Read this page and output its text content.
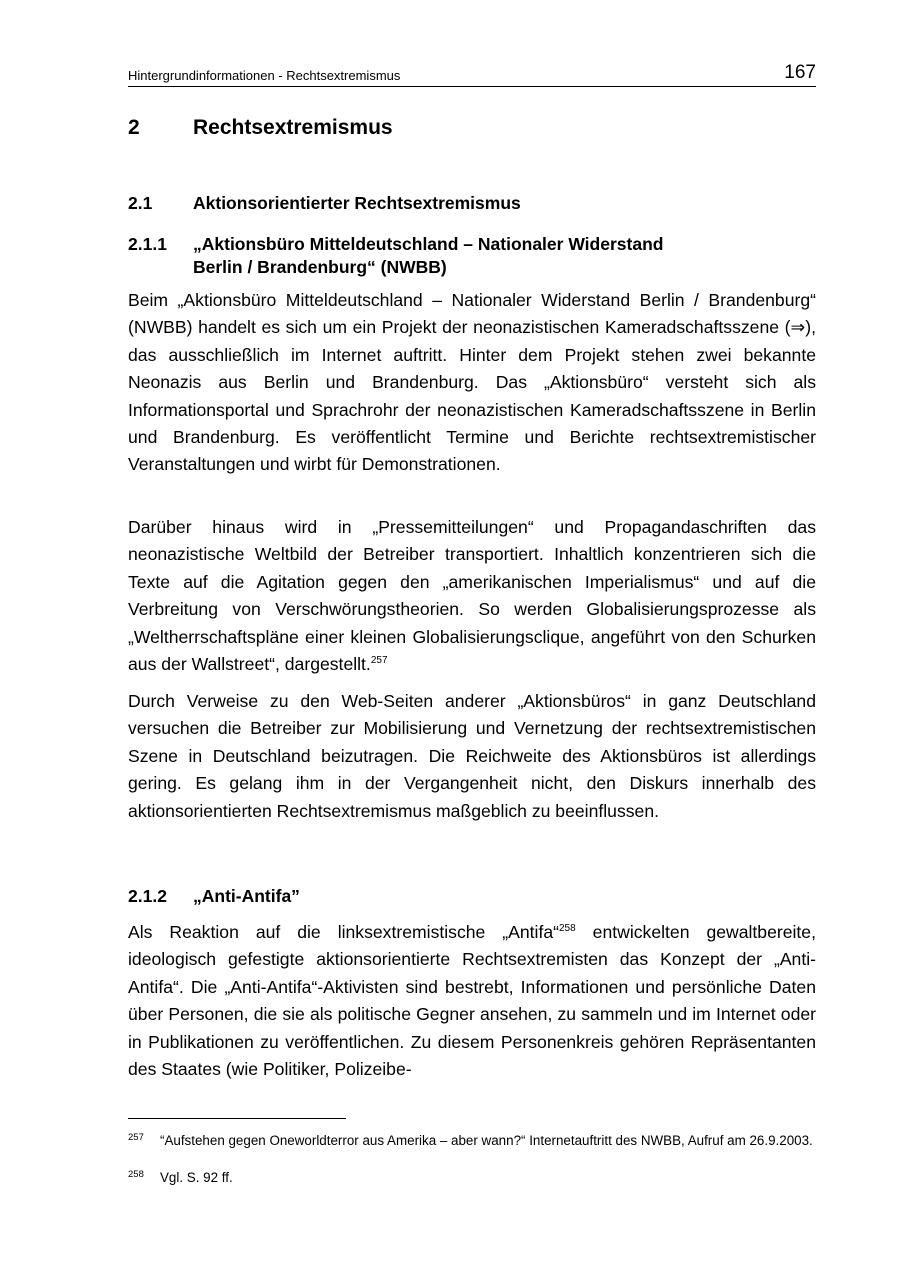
Hintergrundinformationen - Rechtsextremismus	167
2	Rechtsextremismus
2.1 Aktionsorientierter Rechtsextremismus
2.1.1 „Aktionsbüro Mitteldeutschland – Nationaler Widerstand
Berlin / Brandenburg“ (NWBB)

Beim „Aktionsbüro Mitteldeutschland – Nationaler Widerstand Berlin / Brandenburg“ (NWBB) handelt es sich um ein Projekt der neonazistischen Kameradschaftsszene (⇒), das ausschließlich im Internet auftritt. Hinter dem Projekt stehen zwei bekannte Neonazis aus Berlin und Brandenburg. Das „Aktionsbüro“ versteht sich als Informationsportal und Sprachrohr der neonazistischen Kameradschaftsszene in Berlin und Brandenburg. Es veröffentlicht Termine und Berichte rechtsextremistischer Veranstaltungen und wirbt für Demonstrationen.

Darüber hinaus wird in „Pressemitteilungen“ und Propagandaschriften das neonazistische Weltbild der Betreiber transportiert. Inhaltlich konzentrieren sich die Texte auf die Agitation gegen den „amerikanischen Imperialismus“ und auf die Verbreitung von Verschwörungstheorien. So werden Globalisierungsprozesse als „Weltherrschaftspläne einer kleinen Globalisierungsclique, angeführt von den Schurken aus der Wallstreet“, dargestellt.$^{257}$

Durch Verweise zu den Web-Seiten anderer „Aktionsbüros“ in ganz Deutschland versuchen die Betreiber zur Mobilisierung und Vernetzung der rechtsextremistischen Szene in Deutschland beizutragen. Die Reichweite des Aktionsbüros ist allerdings gering. Es gelang ihm in der Vergangenheit nicht, den Diskurs innerhalb des aktionsorientierten Rechtsextremismus maßgeblich zu beeinflussen.

2.1.2 „Anti-Antifa”

Als Reaktion auf die linksextremistische „Antifa“$^{258}$ entwickelten gewaltbereite, ideologisch gefestigte aktionsorientierte Rechtsextremisten das Konzept der „Anti-Antifa“. Die „Anti-Antifa“-Aktivisten sind bestrebt, Informationen und persönliche Daten über Personen, die sie als politische Gegner ansehen, zu sammeln und im Internet oder in Publikationen zu veröffentlichen. Zu diesem Personenkreis gehören Repräsentanten des Staates (wie Politiker, Polizeibe-

257 “Aufstehen gegen Oneworldterror aus Amerika – aber wann?“ Internetauftritt des NWBB, Aufruf am 26.9.2003.
258 Vgl. S. 92 ff.
